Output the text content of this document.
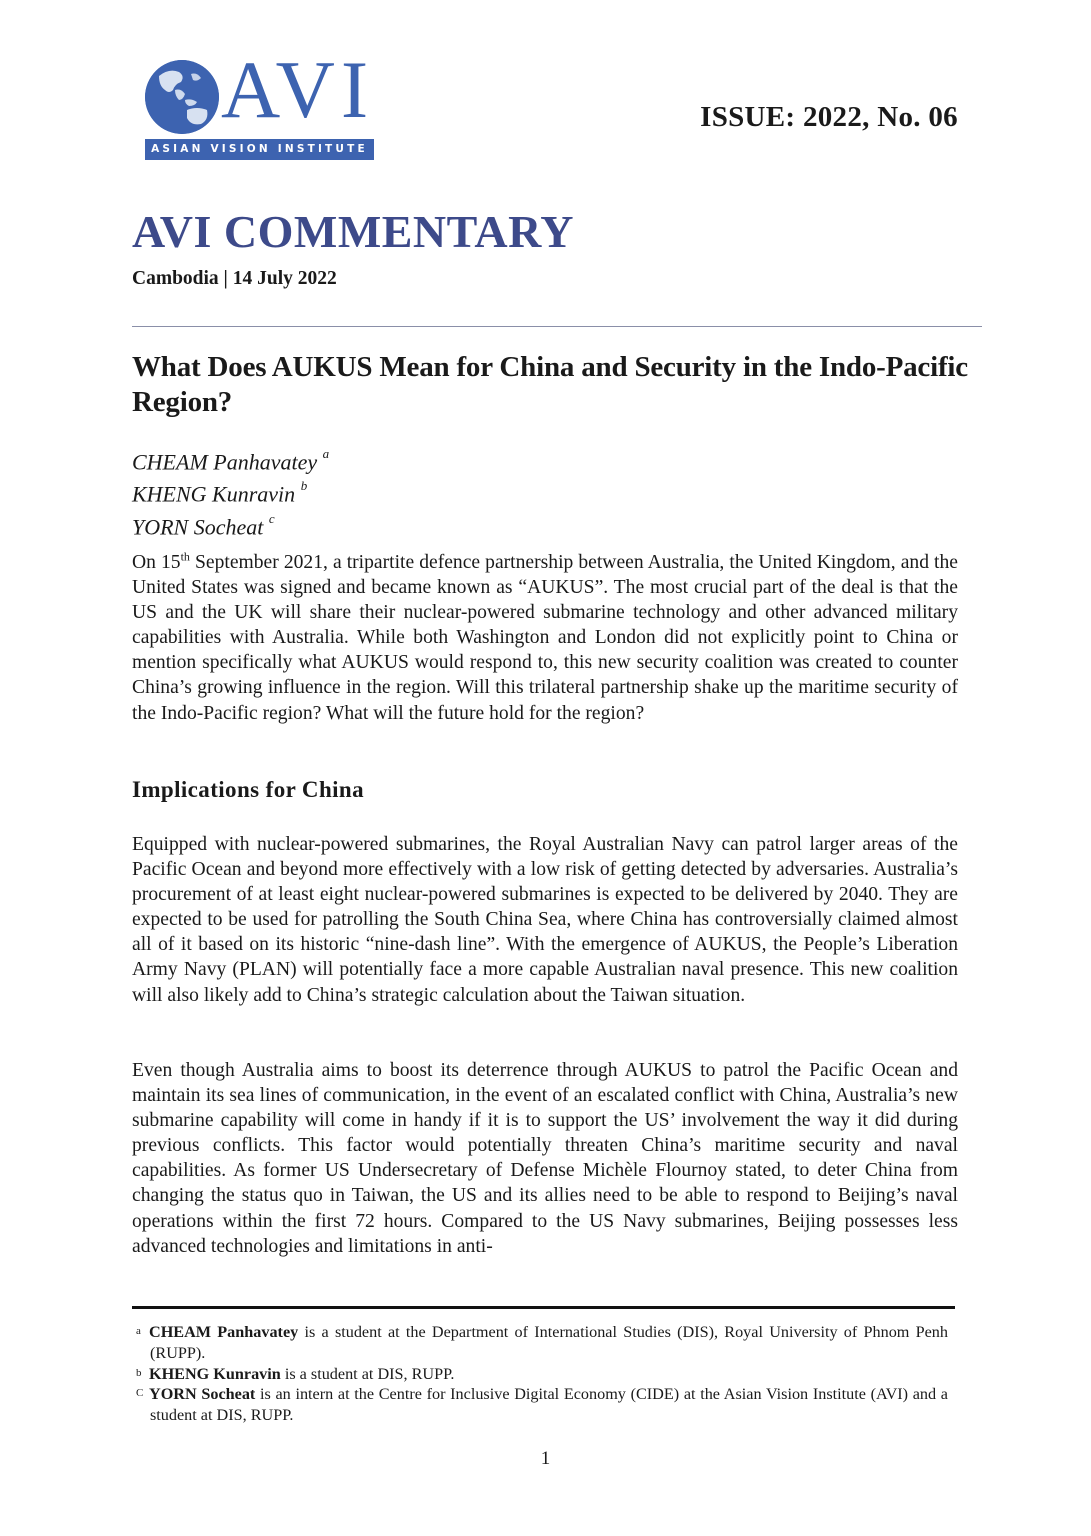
AVI
ASIAN VISION INSTITUTE
ISSUE: 2022, No. 06
AVI COMMENTARY
Cambodia | 14 July 2022
What Does AUKUS Mean for China and Security in the Indo-Pacific Region?
CHEAM Panhavatey $^a$
KHENG Kunravin $^b$
YORN Socheat $^c$

On 15th September 2021, a tripartite defence partnership between Australia, the United Kingdom, and the United States was signed and became known as “AUKUS”. The most crucial part of the deal is that the US and the UK will share their nuclear-powered submarine technology and other advanced military capabilities with Australia. While both Washington and London did not explicitly point to China or mention specifically what AUKUS would respond to, this new security coalition was created to counter China’s growing influence in the region. Will this trilateral partnership shake up the maritime security of the Indo-Pacific region? What will the future hold for the region?

Implications for China

Equipped with nuclear-powered submarines, the Royal Australian Navy can patrol larger areas of the Pacific Ocean and beyond more effectively with a low risk of getting detected by adversaries. Australia’s procurement of at least eight nuclear-powered submarines is expected to be delivered by 2040. They are expected to be used for patrolling the South China Sea, where China has controversially claimed almost all of it based on its historic “nine-dash line”. With the emergence of AUKUS, the People’s Liberation Army Navy (PLAN) will potentially face a more capable Australian naval presence. This new coalition will also likely add to China’s strategic calculation about the Taiwan situation.

Even though Australia aims to boost its deterrence through AUKUS to patrol the Pacific Ocean and maintain its sea lines of communication, in the event of an escalated conflict with China, Australia’s new submarine capability will come in handy if it is to support the US’ involvement the way it did during previous conflicts. This factor would potentially threaten China’s maritime security and naval capabilities. As former US Undersecretary of Defense Michèle Flournoy stated, to deter China from changing the status quo in Taiwan, the US and its allies need to be able to respond to Beijing’s naval operations within the first 72 hours. Compared to the US Navy submarines, Beijing possesses less advanced technologies and limitations in anti-

a CHEAM Panhavatey is a student at the Department of International Studies (DIS), Royal University of Phnom Penh (RUPP).

b KHENG Kunravin is a student at DIS, RUPP.

C YORN Socheat is an intern at the Centre for Inclusive Digital Economy (CIDE) at the Asian Vision Institute (AVI) and a student at DIS, RUPP.

1
